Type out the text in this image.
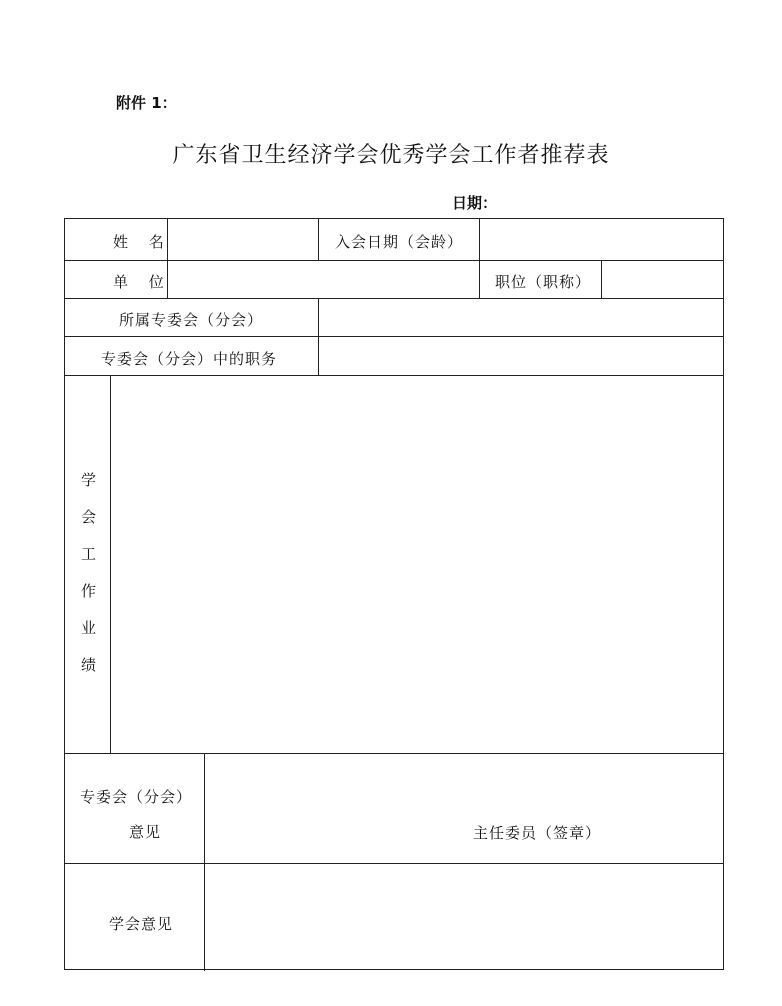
附件 1：
广东省卫生经济学会优秀学会工作者推荐表
日期：
姓 名	入会日期（会龄）
单 位	职位（职称）
所属专委会（分会）
专委会（分会）中的职务
学会工作业绩
专委会（分会）
意见	主任委员（签章）
学会意见
